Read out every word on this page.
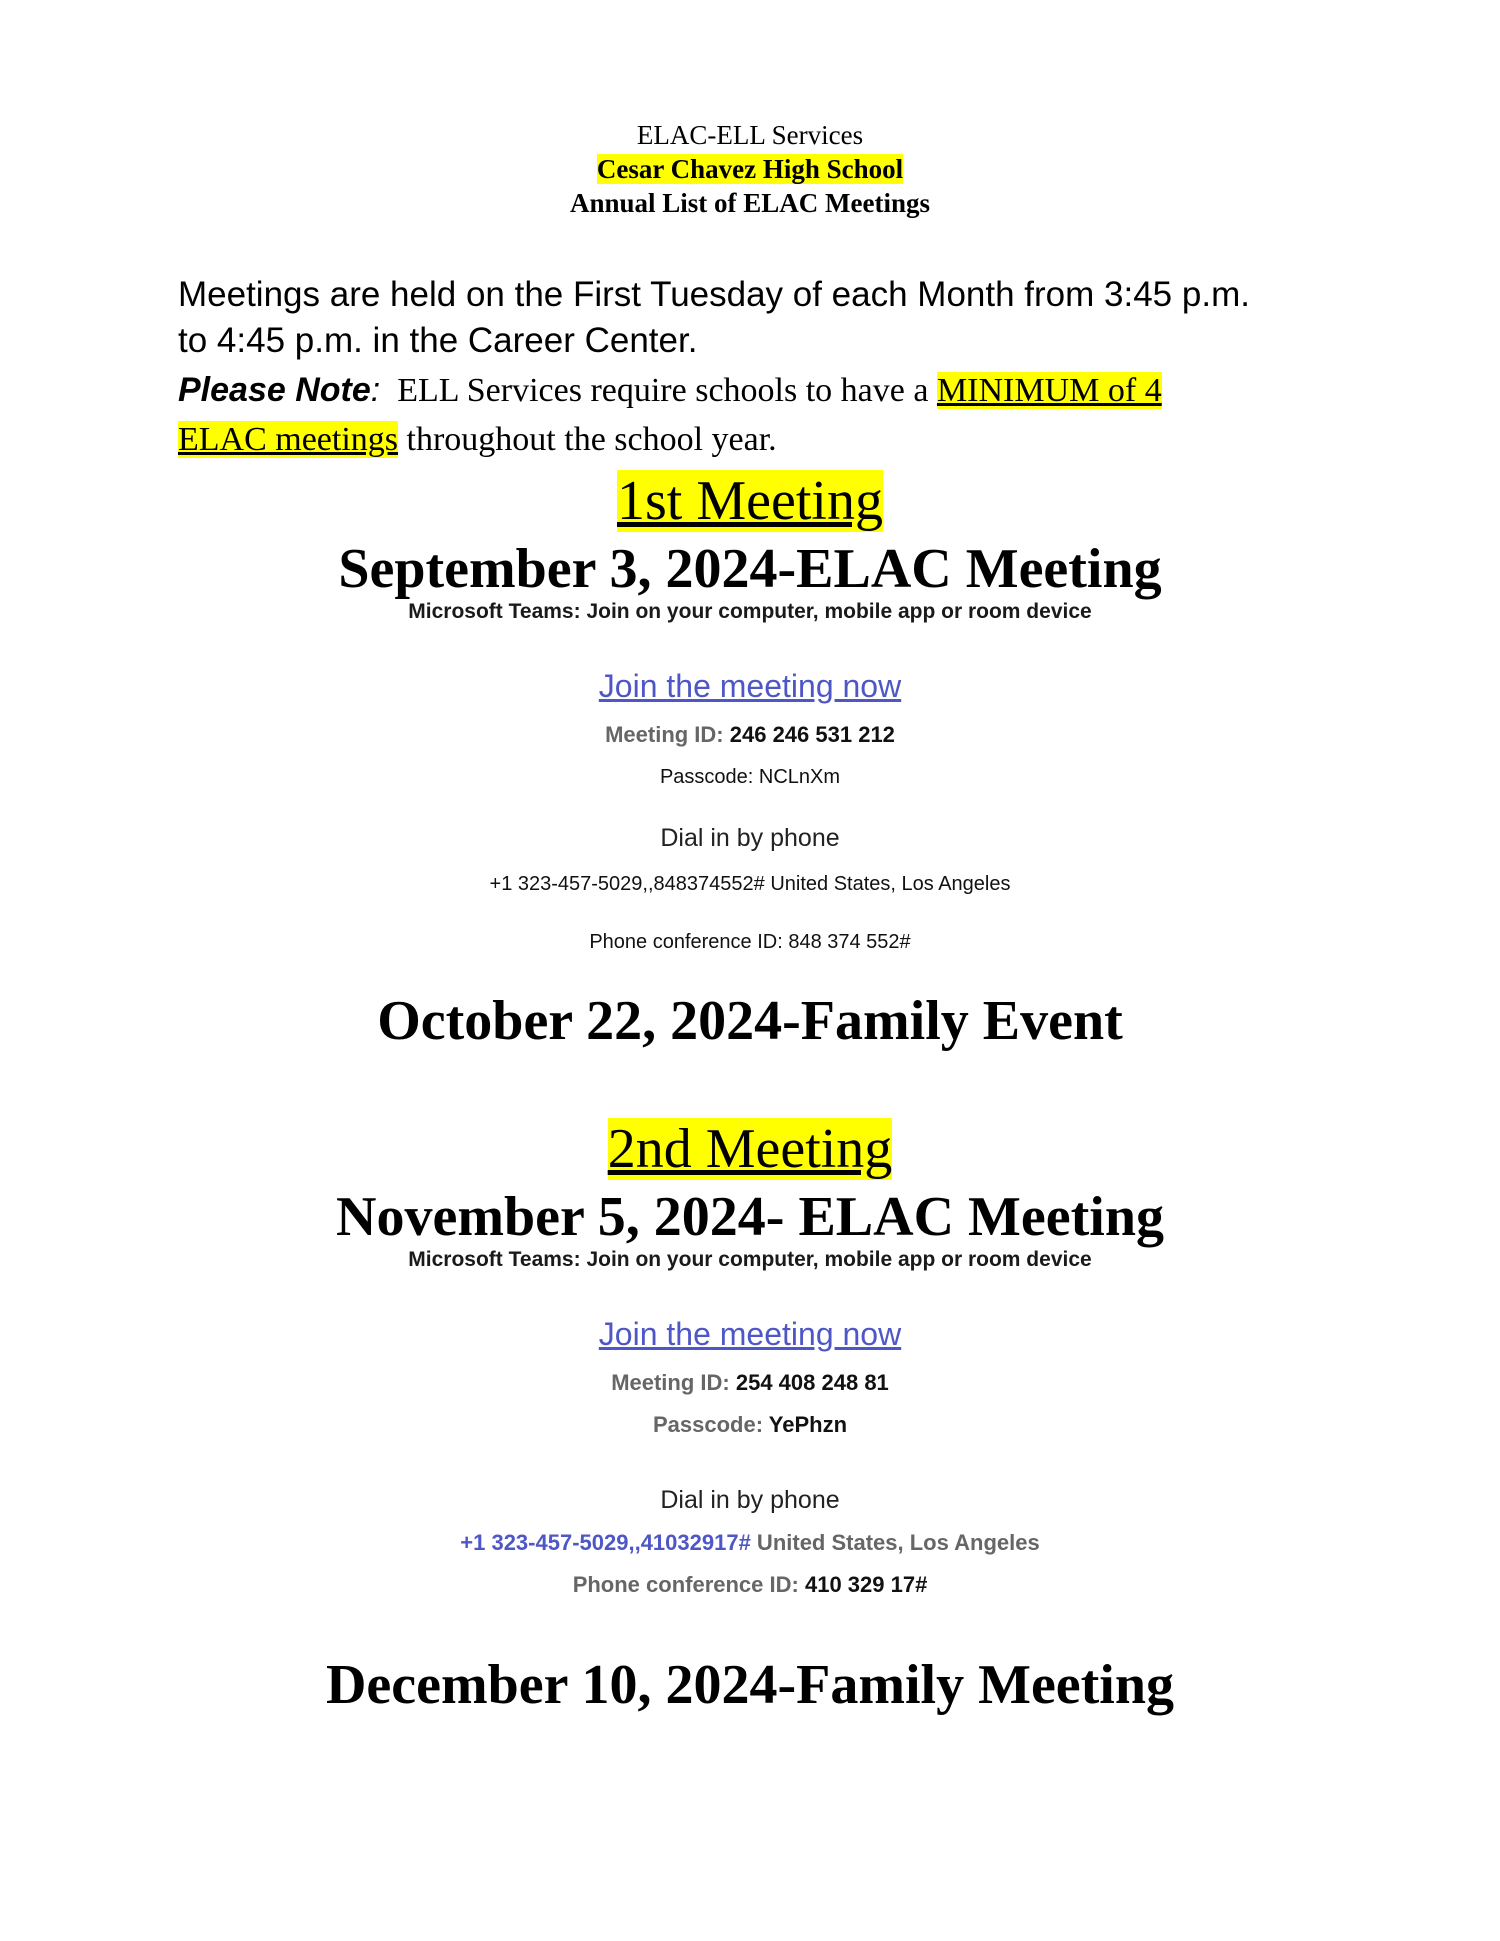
ELAC-ELL Services
Cesar Chavez High School
Annual List of ELAC Meetings
Meetings are held on the First Tuesday of each Month from 3:45 p.m.
to 4:45 p.m. in the Career Center.
Please Note:  ELL Services require schools to have a MINIMUM of 4
ELAC meetings throughout the school year.
1st Meeting
September 3, 2024-ELAC Meeting
Microsoft Teams: Join on your computer, mobile app or room device
Join the meeting now
Meeting ID: 246 246 531 212
Passcode: NCLnXm
Dial in by phone
+1 323-457-5029,,848374552# United States, Los Angeles
Phone conference ID: 848 374 552#
October 22, 2024-Family Event
2nd Meeting
November 5, 2024- ELAC Meeting
Microsoft Teams: Join on your computer, mobile app or room device
Join the meeting now
Meeting ID: 254 408 248 81
Passcode: YePhzn
Dial in by phone
+1 323-457-5029,,41032917# United States, Los Angeles
Phone conference ID: 410 329 17#
December 10, 2024-Family Meeting
